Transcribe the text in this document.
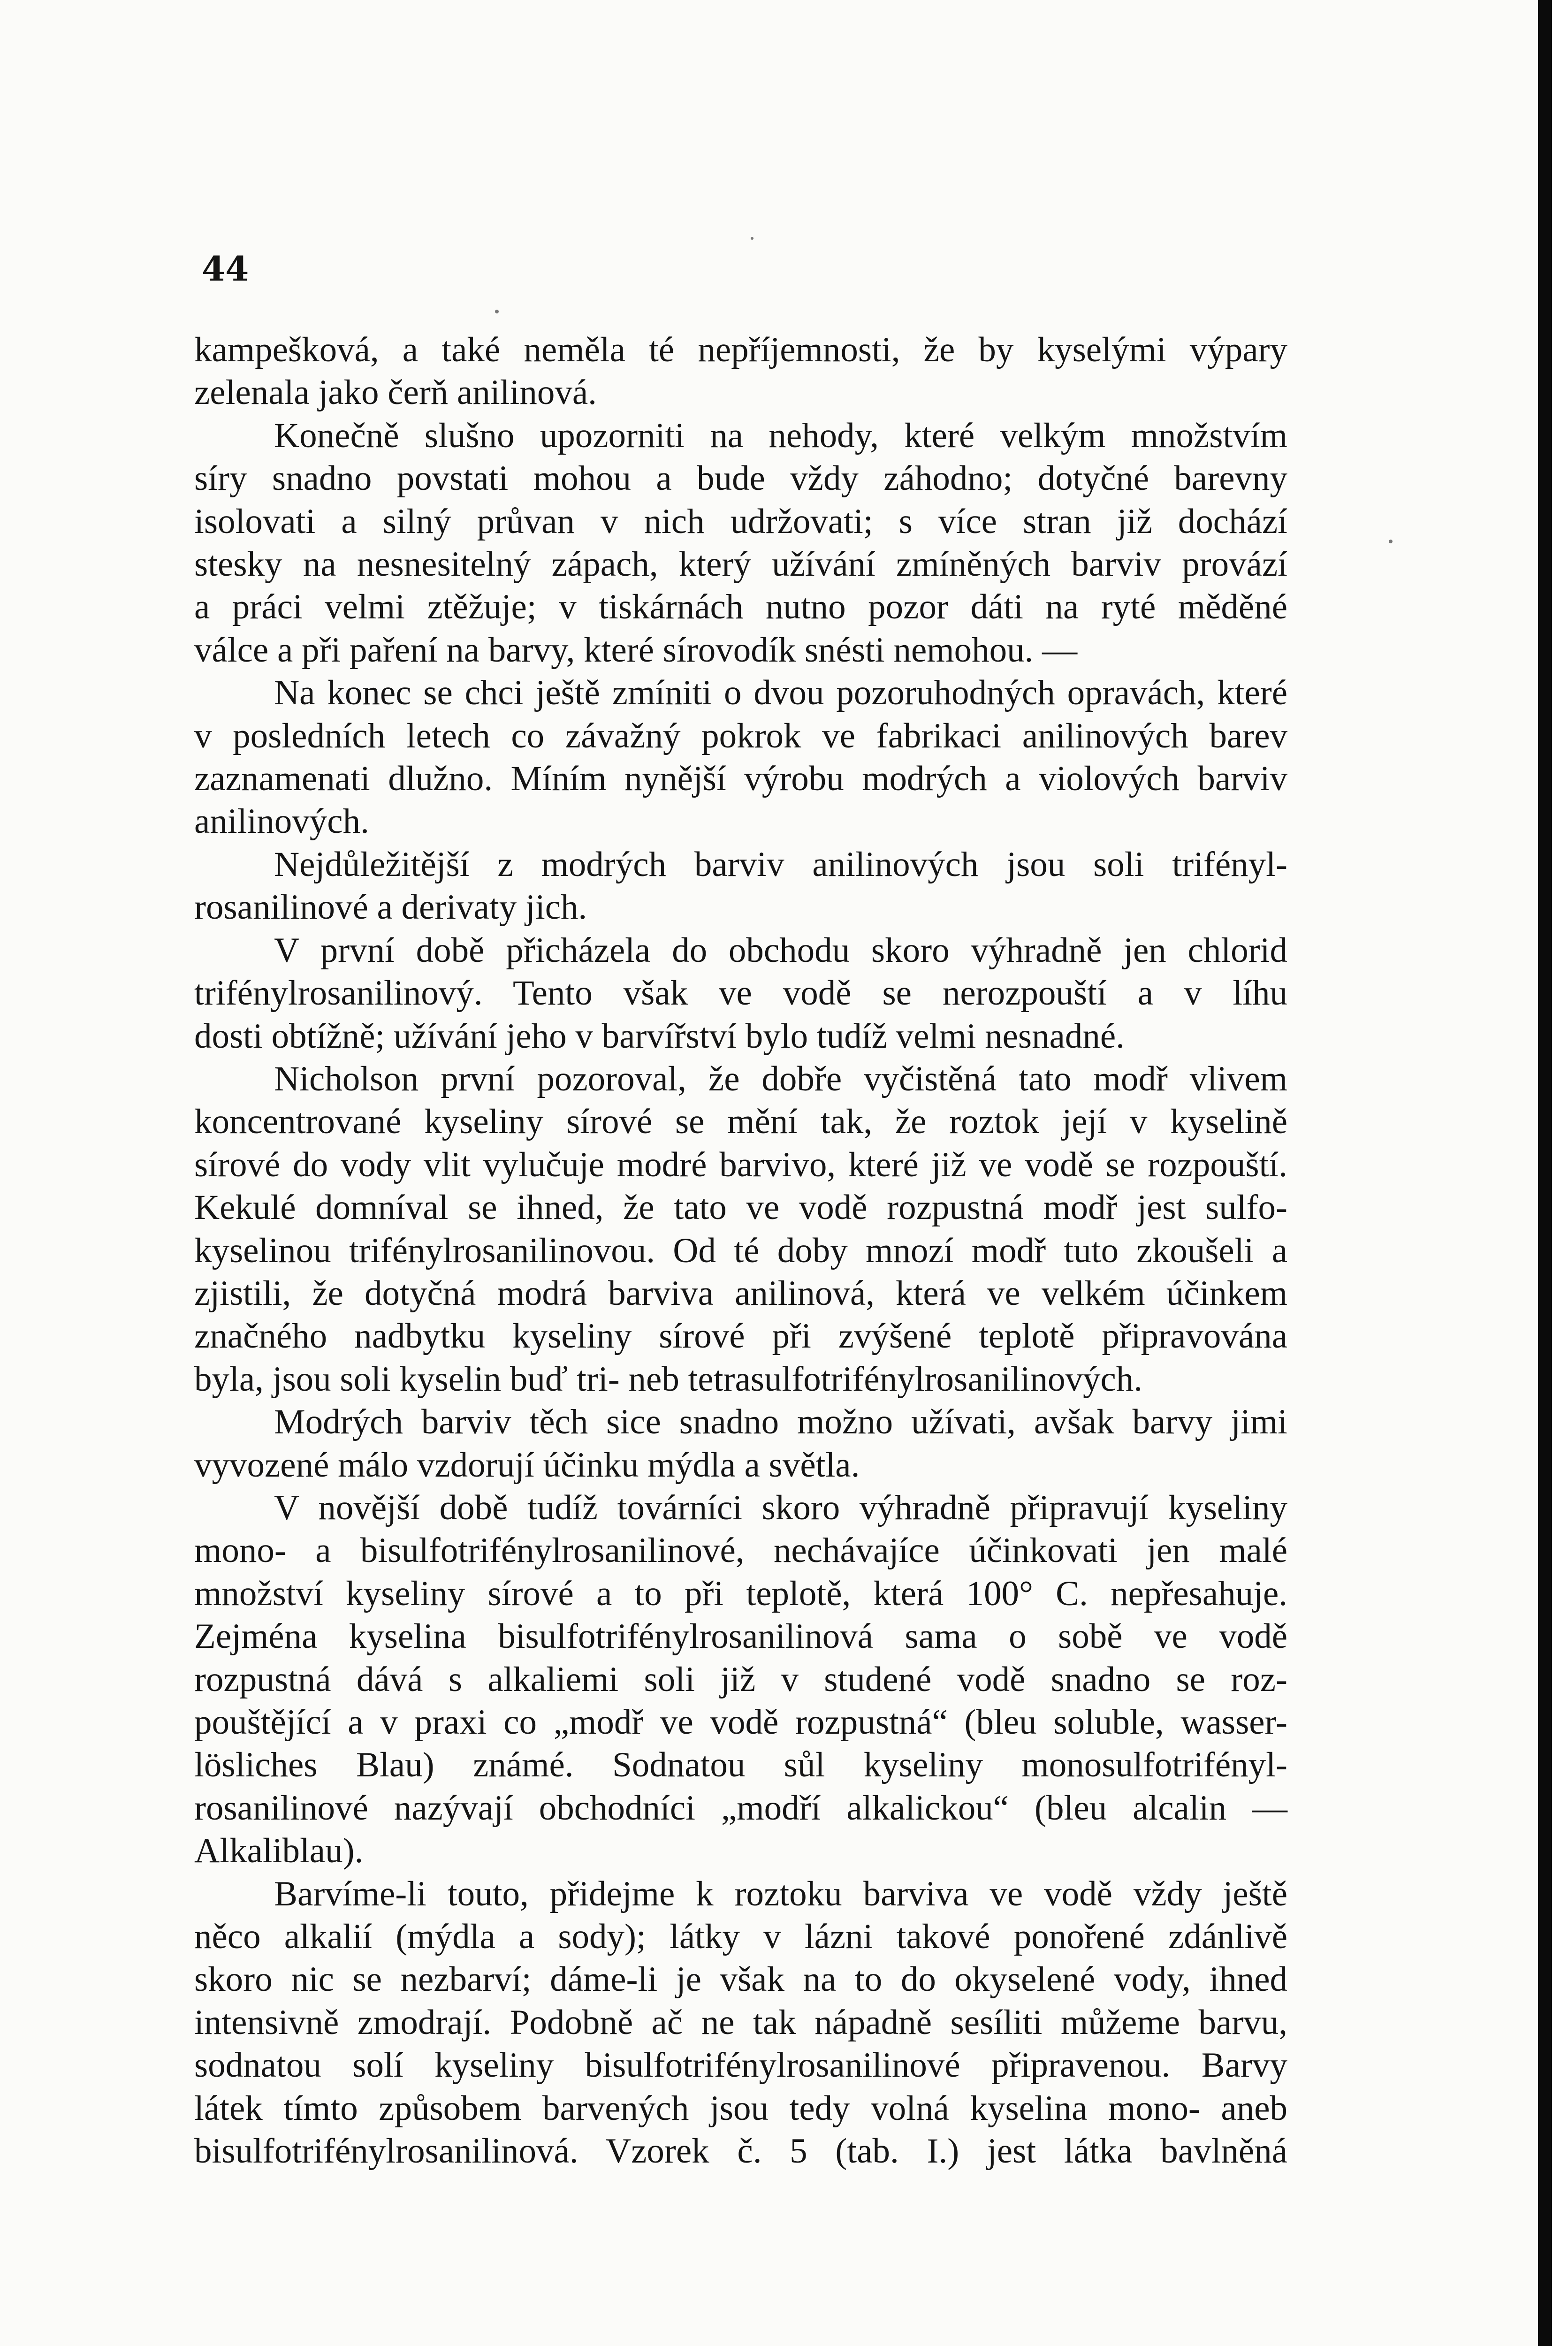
44
kampešková, a také neměla té nepříjemnosti, že by kyselými výpary
zelenala jako čerň anilinová.
Konečně slušno upozorniti na nehody, které velkým množstvím
síry snadno povstati mohou a bude vždy záhodno; dotyčné barevny
isolovati a silný průvan v nich udržovati; s více stran již dochází
stesky na nesnesitelný zápach, který užívání zmíněných barviv provází
a práci velmi ztěžuje; v tiskárnách nutno pozor dáti na ryté měděné
válce a při paření na barvy, které sírovodík snésti nemohou. —
Na konec se chci ještě zmíniti o dvou pozoruhodných opravách, které
v posledních letech co závažný pokrok ve fabrikaci anilinových barev
zaznamenati dlužno. Míním nynější výrobu modrých a violových barviv
anilinových.
Nejdůležitější z modrých barviv anilinových jsou soli trifényl-
rosanilinové a derivaty jich.
V první době přicházela do obchodu skoro výhradně jen chlorid
trifénylrosanilinový. Tento však ve vodě se nerozpouští a v líhu
dosti obtížně; užívání jeho v barvířství bylo tudíž velmi nesnadné.
Nicholson první pozoroval, že dobře vyčistěná tato modř vlivem
koncentrované kyseliny sírové se mění tak, že roztok její v kyselině
sírové do vody vlit vylučuje modré barvivo, které již ve vodě se rozpouští.
Kekulé domníval se ihned, že tato ve vodě rozpustná modř jest sulfo-
kyselinou trifénylrosanilinovou. Od té doby mnozí modř tuto zkoušeli a
zjistili, že dotyčná modrá barviva anilinová, která ve velkém účinkem
značného nadbytku kyseliny sírové při zvýšené teplotě připravována
byla, jsou soli kyselin buď tri- neb tetrasulfotrifénylrosanilinových.
Modrých barviv těch sice snadno možno užívati, avšak barvy jimi
vyvozené málo vzdorují účinku mýdla a světla.
V novější době tudíž továrníci skoro výhradně připravují kyseliny
mono- a bisulfotrifénylrosanilinové, nechávajíce účinkovati jen malé
množství kyseliny sírové a to při teplotě, která 100° C. nepřesahuje.
Zejména kyselina bisulfotrifénylrosanilinová sama o sobě ve vodě
rozpustná dává s alkaliemi soli již v studené vodě snadno se roz-
pouštějící a v praxi co „modř ve vodě rozpustná“ (bleu soluble, wasser-
lösliches Blau) známé. Sodnatou sůl kyseliny monosulfotrifényl-
rosanilinové nazývají obchodníci „modří alkalickou“ (bleu alcalin —
Alkaliblau).
Barvíme-li touto, přidejme k roztoku barviva ve vodě vždy ještě
něco alkalií (mýdla a sody); látky v lázni takové ponořené zdánlivě
skoro nic se nezbarví; dáme-li je však na to do okyselené vody, ihned
intensivně zmodrají. Podobně ač ne tak nápadně sesíliti můžeme barvu,
sodnatou solí kyseliny bisulfotrifénylrosanilinové připravenou. Barvy
látek tímto způsobem barvených jsou tedy volná kyselina mono- aneb
bisulfotrifénylrosanilinová. Vzorek č. 5 (tab. I.) jest látka bavlněná
